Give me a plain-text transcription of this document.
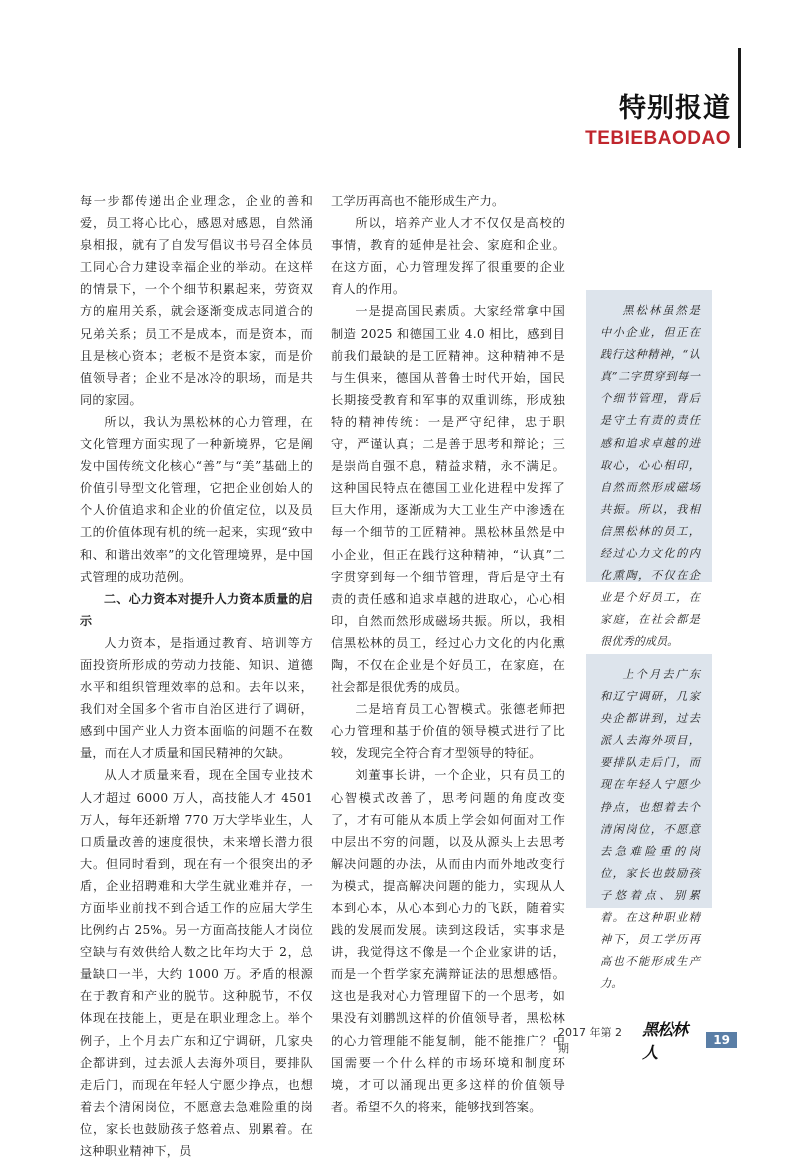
特别报道
TEBIEBAODAO

每一步都传递出企业理念，企业的善和爱，员工将心比心，感恩对感恩，自然涌泉相报，就有了自发写倡议书号召全体员工同心合力建设幸福企业的举动。在这样的情景下，一个个细节积累起来，劳资双方的雇用关系，就会逐渐变成志同道合的兄弟关系；员工不是成本，而是资本，而且是核心资本；老板不是资本家，而是价值领导者；企业不是冰冷的职场，而是共同的家园。

所以，我认为黑松林的心力管理，在文化管理方面实现了一种新境界，它是阐发中国传统文化核心“善”与“美”基础上的价值引导型文化管理，它把企业创始人的个人价值追求和企业的价值定位，以及员工的价值体现有机的统一起来，实现“致中和、和谐出效率”的文化管理境界，是中国式管理的成功范例。

二、心力资本对提升人力资本质量的启示

人力资本，是指通过教育、培训等方面投资所形成的劳动力技能、知识、道德水平和组织管理效率的总和。去年以来，我们对全国多个省市自治区进行了调研，感到中国产业人力资本面临的问题不在数量，而在人才质量和国民精神的欠缺。

从人才质量来看，现在全国专业技术人才超过 6000 万人，高技能人才 4501 万人，每年还新增 770 万大学毕业生，人口质量改善的速度很快，未来增长潜力很大。但同时看到，现在有一个很突出的矛盾，企业招聘难和大学生就业难并存，一方面毕业前找不到合适工作的应届大学生比例约占 25%。另一方面高技能人才岗位空缺与有效供给人数之比年均大于 2，总量缺口一半，大约 1000 万。矛盾的根源在于教育和产业的脱节。这种脱节，不仅体现在技能上，更是在职业理念上。举个例子，上个月去广东和辽宁调研，几家央企都讲到，过去派人去海外项目，要排队走后门，而现在年轻人宁愿少挣点，也想着去个清闲岗位，不愿意去急难险重的岗位，家长也鼓励孩子悠着点、别累着。在这种职业精神下，员

工学历再高也不能形成生产力。

所以，培养产业人才不仅仅是高校的事情，教育的延伸是社会、家庭和企业。在这方面，心力管理发挥了很重要的企业育人的作用。

一是提高国民素质。大家经常拿中国制造 2025 和德国工业 4.0 相比，感到目前我们最缺的是工匠精神。这种精神不是与生俱来，德国从普鲁士时代开始，国民长期接受教育和军事的双重训练，形成独特的精神传统：一是严守纪律，忠于职守，严谨认真；二是善于思考和辩论；三是崇尚自强不息，精益求精，永不满足。这种国民特点在德国工业化进程中发挥了巨大作用，逐渐成为大工业生产中渗透在每一个细节的工匠精神。黑松林虽然是中小企业，但正在践行这种精神，“认真”二字贯穿到每一个细节管理，背后是守土有责的责任感和追求卓越的进取心，心心相印，自然而然形成磁场共振。所以，我相信黑松林的员工，经过心力文化的内化熏陶，不仅在企业是个好员工，在家庭，在社会都是很优秀的成员。

二是培育员工心智模式。张德老师把心力管理和基于价值的领导模式进行了比较，发现完全符合育才型领导的特征。

刘董事长讲，一个企业，只有员工的心智模式改善了，思考问题的角度改变了，才有可能从本质上学会如何面对工作中层出不穷的问题，以及从源头上去思考解决问题的办法，从而由内而外地改变行为模式，提高解决问题的能力，实现从人本到心本，从心本到心力的飞跃，随着实践的发展而发展。读到这段话，实事求是讲，我觉得这不像是一个企业家讲的话，而是一个哲学家充满辩证法的思想感悟。这也是我对心力管理留下的一个思考，如果没有刘鹏凯这样的价值领导者，黑松林的心力管理能不能复制，能不能推广？中国需要一个什么样的市场环境和制度环境，才可以涌现出更多这样的价值领导者。希望不久的将来，能够找到答案。

黑松林虽然是中小企业，但正在践行这种精神，“认真”二字贯穿到每一个细节管理，背后是守土有责的责任感和追求卓越的进取心，心心相印，自然而然形成磁场共振。所以，我相信黑松林的员工，经过心力文化的内化熏陶，不仅在企业是个好员工，在家庭，在社会都是很优秀的成员。

上个月去广东和辽宁调研，几家央企都讲到，过去派人去海外项目，要排队走后门，而现在年轻人宁愿少挣点，也想着去个清闲岗位，不愿意去急难险重的岗位，家长也鼓励孩子悠着点、别累着。在这种职业精神下，员工学历再高也不能形成生产力。

2017 年第 2 期
黑松林人
19
